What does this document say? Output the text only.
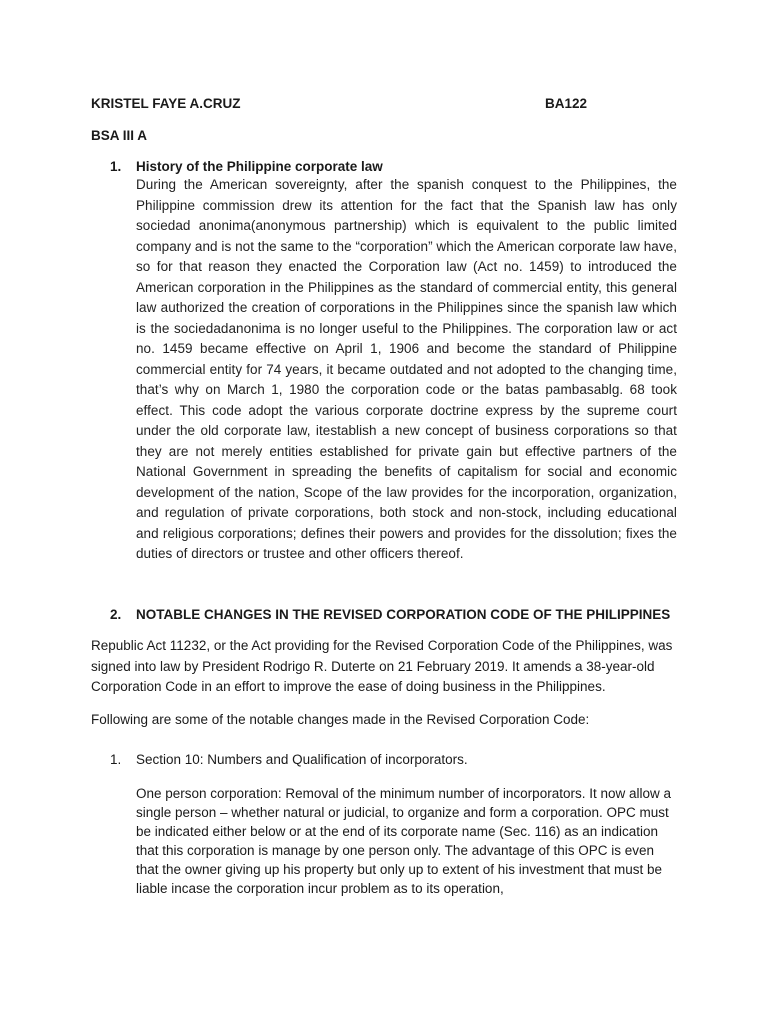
KRISTEL FAYE A.CRUZ	BA122
BSA III A
1. History of the Philippine corporate law

During the American sovereignty, after the spanish conquest to the Philippines, the Philippine commission drew its attention for the fact that the Spanish law has only sociedad anonima(anonymous partnership) which is equivalent to the public limited company and is not the same to the “corporation” which the American corporate law have, so for that reason they enacted the Corporation law (Act no. 1459) to introduced the American corporation in the Philippines as the standard of commercial entity, this general law authorized the creation of corporations in the Philippines since the spanish law which is the sociedadanonima is no longer useful to the Philippines. The corporation law or act no. 1459 became effective on April 1, 1906 and become the standard of Philippine commercial entity for 74 years, it became outdated and not adopted to the changing time, that’s why on March 1, 1980 the corporation code or the batas pambasablg. 68 took effect. This code adopt the various corporate doctrine express by the supreme court under the old corporate law, itestablish a new concept of business corporations so that they are not merely entities established for private gain but effective partners of the National Government in spreading the benefits of capitalism for social and economic development of the nation, Scope of the law provides for the incorporation, organization, and regulation of private corporations, both stock and non-stock, including educational and religious corporations; defines their powers and provides for the dissolution; fixes the duties of directors or trustee and other officers thereof.

2. NOTABLE CHANGES IN THE REVISED CORPORATION CODE OF THE PHILIPPINES

Republic Act 11232, or the Act providing for the Revised Corporation Code of the Philippines, was signed into law by President Rodrigo R. Duterte on 21 February 2019. It amends a 38-year-old Corporation Code in an effort to improve the ease of doing business in the Philippines.

Following are some of the notable changes made in the Revised Corporation Code:

1. Section 10: Numbers and Qualification of incorporators.

One person corporation: Removal of the minimum number of incorporators. It now allow a single person – whether natural or judicial, to organize and form a corporation. OPC must be indicated either below or at the end of its corporate name (Sec. 116) as an indication that this corporation is manage by one person only. The advantage of this OPC is even that the owner giving up his property but only up to extent of his investment that must be liable incase the corporation incur problem as to its operation,
